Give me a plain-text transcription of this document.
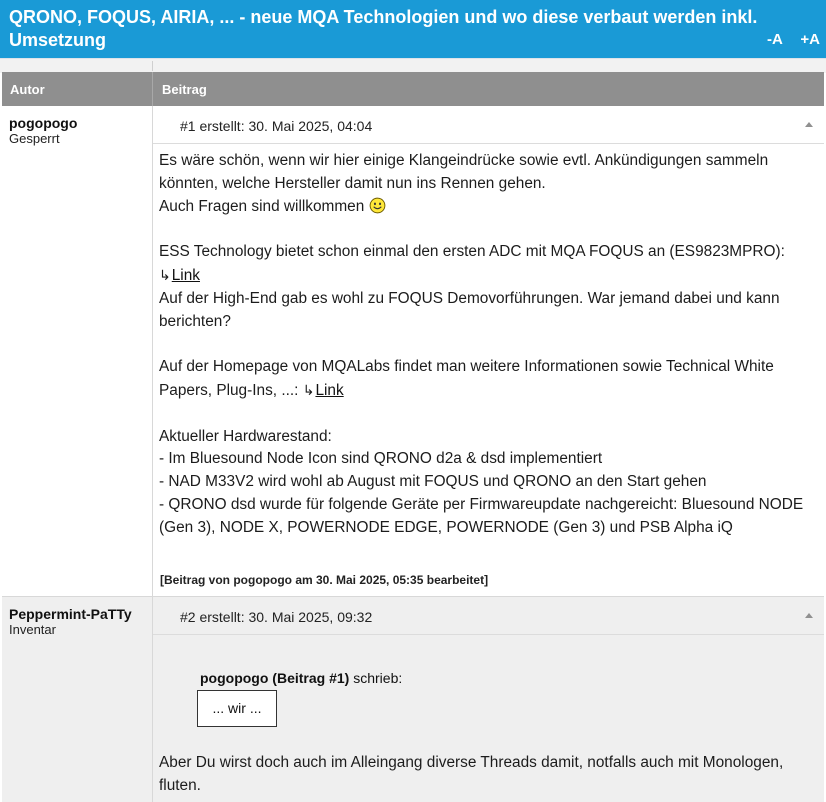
QRONO, FOQUS, AIRIA, ... - neue MQA Technologien und wo diese verbaut werden inkl. Umsetzung	-A +A
Autor	Beitrag
pogopogo
Gesperrt
#1 erstellt: 30. Mai 2025, 04:04

Es wäre schön, wenn wir hier einige Klangeindrücke sowie evtl. Ankündigungen sammeln könnten, welche Hersteller damit nun ins Rennen gehen.

Auch Fragen sind willkommen

ESS Technology bietet schon einmal den ersten ADC mit MQA FOQUS an (ES9823MPRO): ↳Link

Auf der High-End gab es wohl zu FOQUS Demovorführungen. War jemand dabei und kann berichten?

Auf der Homepage von MQALabs findet man weitere Informationen sowie Technical White Papers, Plug-Ins, ...: ↳Link

Aktueller Hardwarestand:

- Im Bluesound Node Icon sind QRONO d2a & dsd implementiert

- NAD M33V2 wird wohl ab August mit FOQUS und QRONO an den Start gehen

- QRONO dsd wurde für folgende Geräte per Firmwareupdate nachgereicht: Bluesound NODE (Gen 3), NODE X, POWERNODE EDGE, POWERNODE (Gen 3) und PSB Alpha iQ

[Beitrag von pogopogo am 30. Mai 2025, 05:35 bearbeitet]
Peppermint-PaTTy
Inventar
#2 erstellt: 30. Mai 2025, 09:32
pogopogo (Beitrag #1) schrieb:
... wir ...
Aber Du wirst doch auch im Alleingang diverse Threads damit, notfalls auch mit Monologen, fluten.
